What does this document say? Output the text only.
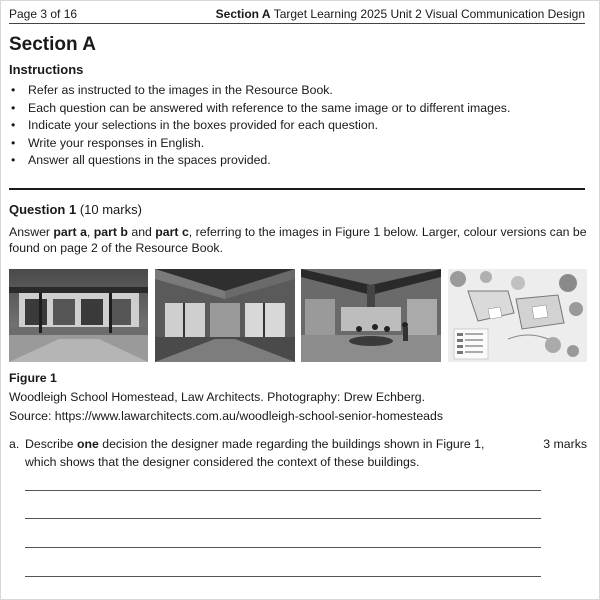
Page 3 of 16	Section A Target Learning 2025 Unit 2 Visual Communication Design
Section A
Instructions
• Refer as instructed to the images in the Resource Book.
• Each question can be answered with reference to the same image or to different images.
• Indicate your selections in the boxes provided for each question.
• Write your responses in English.
• Answer all questions in the spaces provided.
Question 1 (10 marks)
Answer part a, part b and part c, referring to the images in Figure 1 below. Larger, colour versions can be found on page 2 of the Resource Book.
Figure 1
Woodleigh School Homestead, Law Architects. Photography: Drew Echberg.
Source: https://www.lawarchitects.com.au/woodleigh-school-senior-homesteads
a. Describe one decision the designer made regarding the buildings shown in Figure 1, which shows that the designer considered the context of these buildings.
3 marks
